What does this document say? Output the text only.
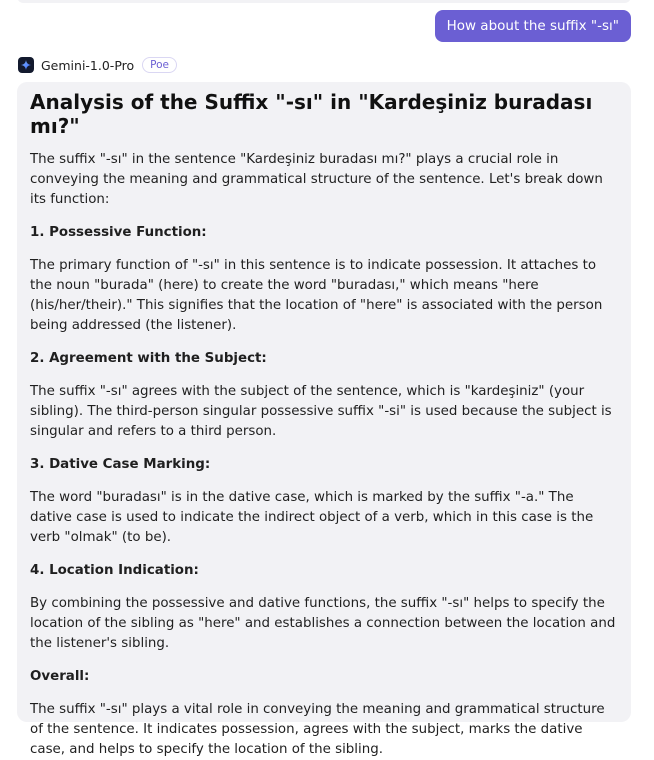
How about the suffix "-sı"
Gemini-1.0-Pro	Poe
Analysis of the Suffix "-sı" in "Kardeşiniz buradası mı?"

The suffix "-sı" in the sentence "Kardeşiniz buradası mı?" plays a crucial role in conveying the meaning and grammatical structure of the sentence. Let's break down its function:

1. Possessive Function:

The primary function of "-sı" in this sentence is to indicate possession. It attaches to the noun "burada" (here) to create the word "buradası," which means "here (his/her/their)." This signifies that the location of "here" is associated with the person being addressed (the listener).

2. Agreement with the Subject:

The suffix "-sı" agrees with the subject of the sentence, which is "kardeşiniz" (your sibling). The third-person singular possessive suffix "-si" is used because the subject is singular and refers to a third person.

3. Dative Case Marking:

The word "buradası" is in the dative case, which is marked by the suffix "-a." The dative case is used to indicate the indirect object of a verb, which in this case is the verb "olmak" (to be).

4. Location Indication:

By combining the possessive and dative functions, the suffix "-sı" helps to specify the location of the sibling as "here" and establishes a connection between the location and the listener's sibling.

Overall:

The suffix "-sı" plays a vital role in conveying the meaning and grammatical structure of the sentence. It indicates possession, agrees with the subject, marks the dative case, and helps to specify the location of the sibling.
